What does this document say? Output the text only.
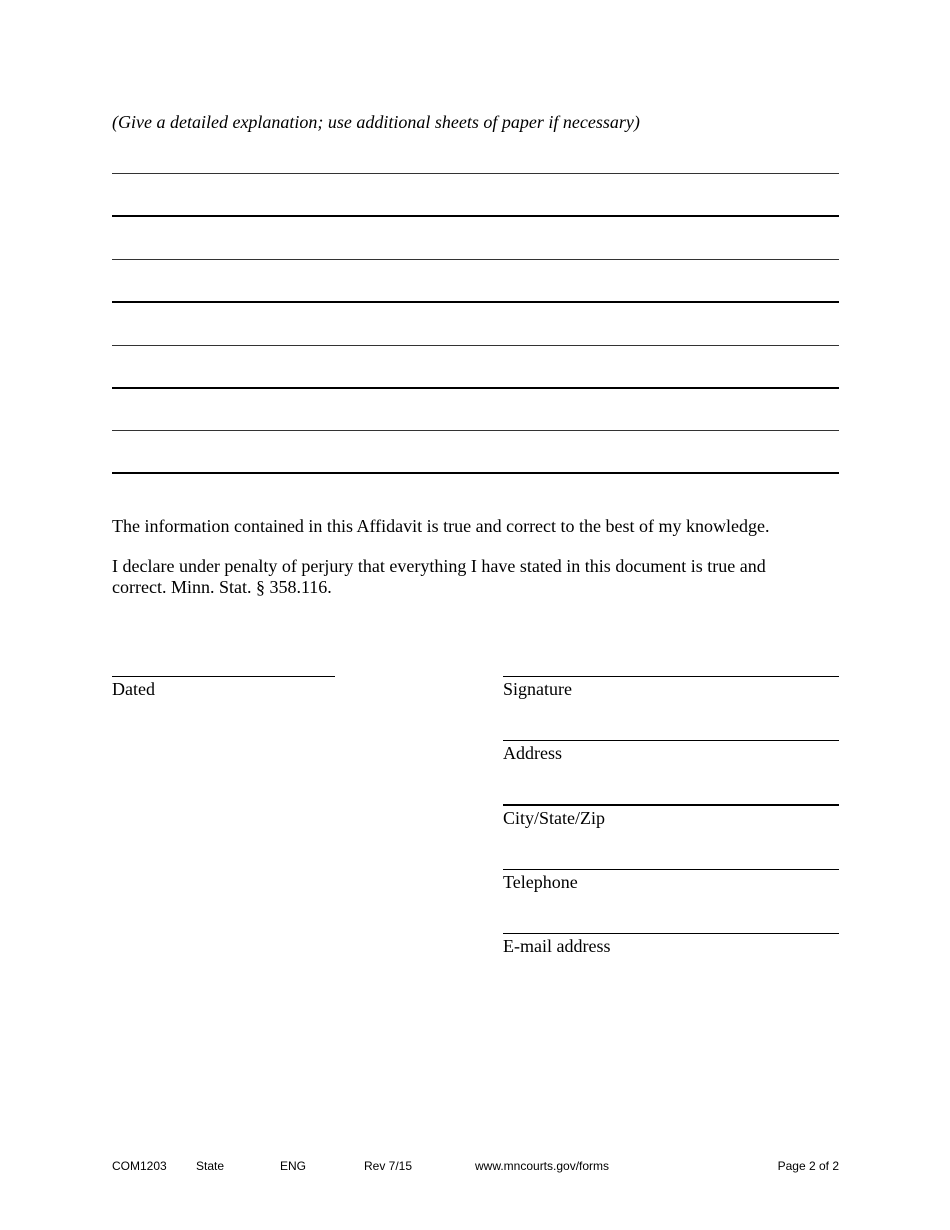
(Give a detailed explanation; use additional sheets of paper if necessary)

The information contained in this Affidavit is true and correct to the best of my knowledge.

I declare under penalty of perjury that everything I have stated in this document is true and correct. Minn. Stat. § 358.116.

Dated	Signature

Address

City/State/Zip

Telephone

E-mail address

COM1203 State	ENG	Rev 7/15	www.mncourts.gov/forms	Page 2 of 2
